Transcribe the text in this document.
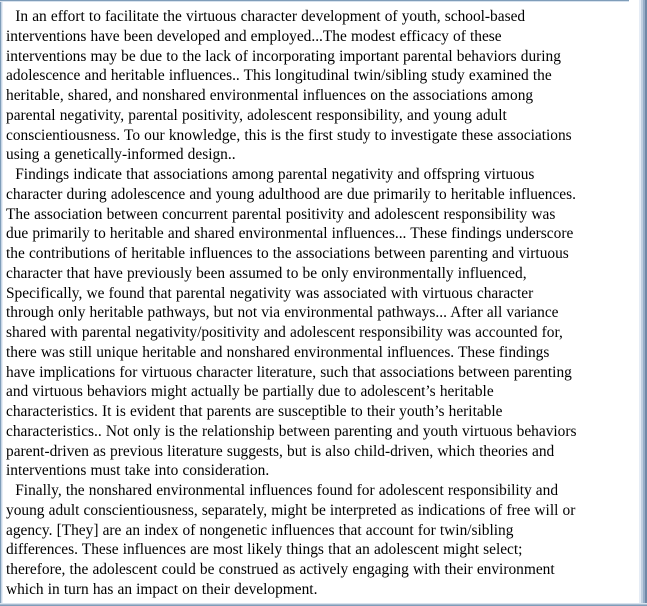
In an effort to facilitate the virtuous character development of youth, school-based
interventions have been developed and employed...The modest efficacy of these
interventions may be due to the lack of incorporating important parental behaviors during
adolescence and heritable influences.. This longitudinal twin/sibling study examined the
heritable, shared, and nonshared environmental influences on the associations among
parental negativity, parental positivity, adolescent responsibility, and young adult
conscientiousness. To our knowledge, this is the first study to investigate these associations
using a genetically-informed design..

Findings indicate that associations among parental negativity and offspring virtuous
character during adolescence and young adulthood are due primarily to heritable influences.
The association between concurrent parental positivity and adolescent responsibility was
due primarily to heritable and shared environmental influences... These findings underscore
the contributions of heritable influences to the associations between parenting and virtuous
character that have previously been assumed to be only environmentally influenced,
Specifically, we found that parental negativity was associated with virtuous character
through only heritable pathways, but not via environmental pathways... After all variance
shared with parental negativity/positivity and adolescent responsibility was accounted for,
there was still unique heritable and nonshared environmental influences. These findings
have implications for virtuous character literature, such that associations between parenting
and virtuous behaviors might actually be partially due to adolescent’s heritable
characteristics. It is evident that parents are susceptible to their youth’s heritable
characteristics.. Not only is the relationship between parenting and youth virtuous behaviors
parent-driven as previous literature suggests, but is also child-driven, which theories and
interventions must take into consideration.

Finally, the nonshared environmental influences found for adolescent responsibility and
young adult conscientiousness, separately, might be interpreted as indications of free will or
agency. [They] are an index of nongenetic influences that account for twin/sibling
differences. These influences are most likely things that an adolescent might select;
therefore, the adolescent could be construed as actively engaging with their environment
which in turn has an impact on their development.
